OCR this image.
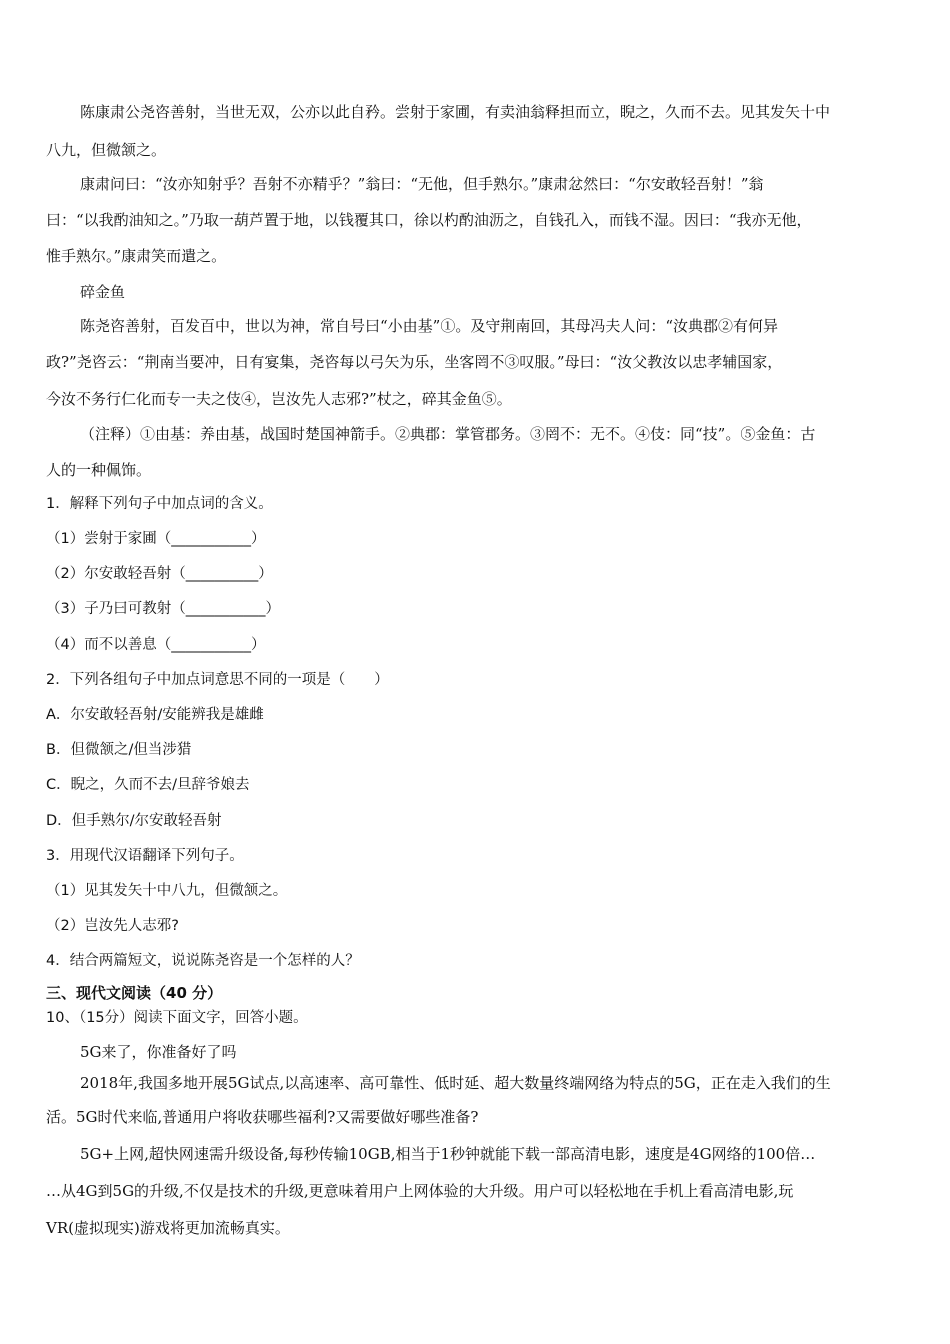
陈康肃公尧咨善射，当世无双，公亦以此自矜。尝射于家圃，有卖油翁释担而立，睨之，久而不去。见其发矢十中
八九，但微颔之。
康肃问曰：“汝亦知射乎？吾射不亦精乎？”翁曰：“无他，但手熟尔。”康肃忿然曰：“尔安敢轻吾射！”翁
曰：“以我酌油知之。”乃取一葫芦置于地，以钱覆其口，徐以杓酌油沥之，自钱孔入，而钱不湿。因曰：“我亦无他，
惟手熟尔。”康肃笑而遣之。
碎金鱼
陈尧咨善射，百发百中，世以为神，常自号曰“小由基”①。及守荆南回，其母冯夫人问：“汝典郡②有何异
政?”尧咨云：“荆南当要冲，日有宴集，尧咨每以弓矢为乐，坐客罔不③叹服。”母曰：“汝父教汝以忠孝辅国家，
今汝不务行仁化而专一夫之伎④，岂汝先人志邪?”杖之，碎其金鱼⑤。
（注释）①由基：养由基，战国时楚国神箭手。②典郡：掌管郡务。③罔不：无不。④伎：同“技”。⑤金鱼：古
人的一种佩饰。
1．解释下列句子中加点词的含义。
（1）尝射于家圃（___________）
（2）尔安敢轻吾射（__________）
（3）子乃曰可教射（___________）
（4）而不以善息（___________）
2．下列各组句子中加点词意思不同的一项是（　　）
A．尔安敢轻吾射/安能辨我是雄雌
B．但微颔之/但当涉猎
C．睨之，久而不去/旦辞爷娘去
D．但手熟尔/尔安敢轻吾射
3．用现代汉语翻译下列句子。
（1）见其发矢十中八九，但微颔之。
（2）岂汝先人志邪?
4．结合两篇短文，说说陈尧咨是一个怎样的人？
三、现代文阅读（40 分）
10、（15分）阅读下面文字，回答小题。
5G来了，你准备好了吗
2018年,我国多地开展5G试点,以高速率、高可靠性、低时延、超大数量终端网络为特点的5G，正在走入我们的生
活。5G时代来临,普通用户将收获哪些福利?又需要做好哪些准备?
5G+上网,超快网速需升级设备,每秒传输10GB,相当于1秒钟就能下载一部高清电影，速度是4G网络的100倍…
…从4G到5G的升级,不仅是技术的升级,更意味着用户上网体验的大升级。用户可以轻松地在手机上看高清电影,玩
VR(虚拟现实)游戏将更加流畅真实。
